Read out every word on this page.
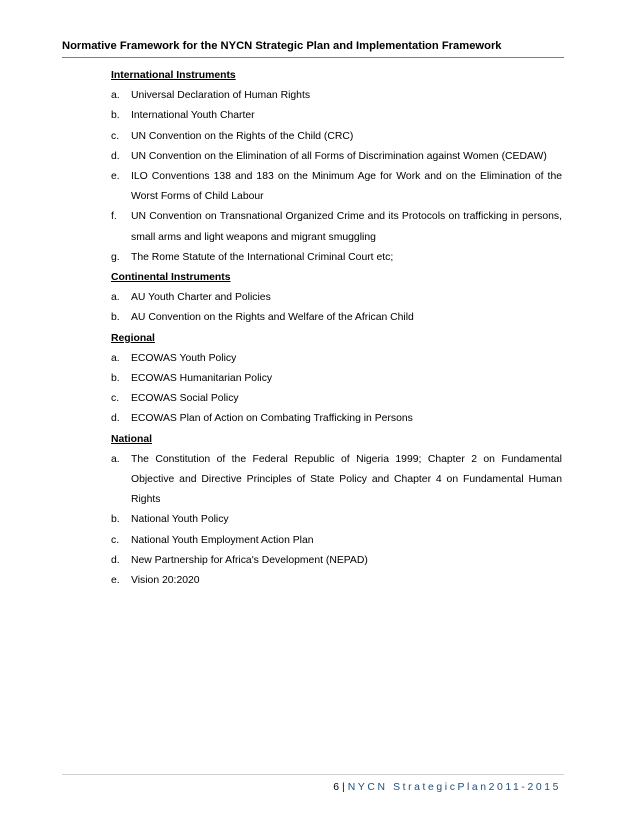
Normative Framework for the NYCN Strategic Plan and Implementation Framework
International Instruments
a. Universal Declaration of Human Rights
b. International Youth Charter
c. UN Convention on the Rights of the Child (CRC)
d. UN Convention on the Elimination of all Forms of Discrimination against Women (CEDAW)
e. ILO Conventions 138 and 183 on the Minimum Age for Work and on the Elimination of the Worst Forms of Child Labour
f. UN Convention on Transnational Organized Crime and its Protocols on trafficking in persons, small arms and light weapons and migrant smuggling
g. The Rome Statute of the International Criminal Court etc;
Continental Instruments
a. AU Youth Charter and Policies
b. AU Convention on the Rights and Welfare of the African Child
Regional
a. ECOWAS Youth Policy
b. ECOWAS Humanitarian Policy
c. ECOWAS Social Policy
d. ECOWAS Plan of Action on Combating Trafficking in Persons
National
a. The Constitution of the Federal Republic of Nigeria 1999; Chapter 2 on Fundamental Objective and Directive Principles of State Policy and Chapter 4 on Fundamental Human Rights
b. National Youth Policy
c. National Youth Employment Action Plan
d. New Partnership for Africa's Development (NEPAD)
e. Vision 20:2020
6 | NYCN StrategicPlan2011-2015
